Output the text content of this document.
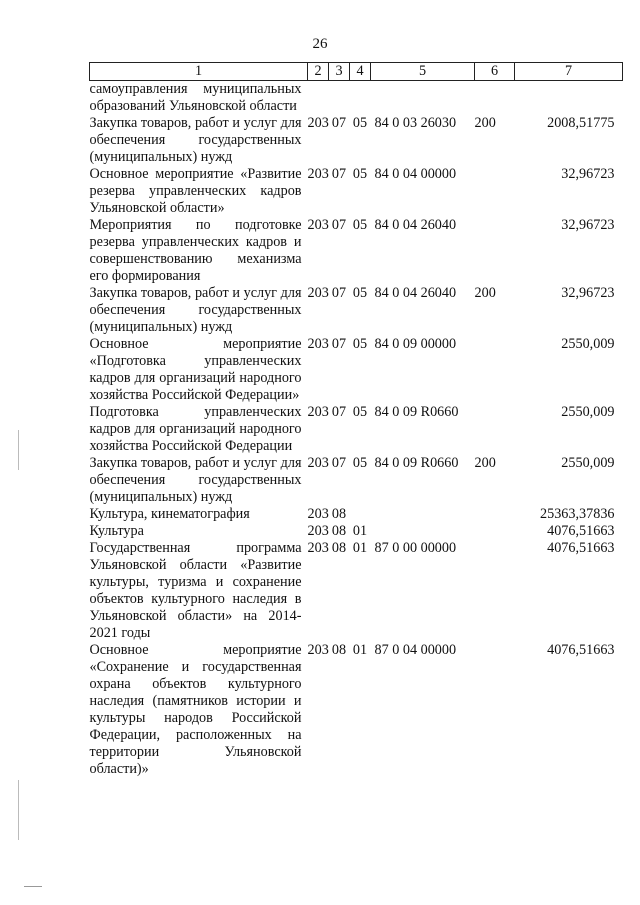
26
1	2	3	4	5	6	7
самоуправления муниципальных образований Ульяновской области						
Закупка товаров, работ и услуг для обеспечения государственных (муниципальных) нужд	203	07	05	84 0 03 26030	200	2008,51775
Основное мероприятие «Развитие резерва управленческих кадров Ульяновской области»	203	07	05	84 0 04 00000		32,96723
Мероприятия по подготовке резерва управленческих кадров и совершенствованию механизма его формирования	203	07	05	84 0 04 26040		32,96723
Закупка товаров, работ и услуг для обеспечения государственных (муниципальных) нужд	203	07	05	84 0 04 26040	200	32,96723
Основное мероприятие «Подготовка управленческих кадров для организаций народного хозяйства Российской Федерации»	203	07	05	84 0 09 00000		2550,009
Подготовка управленческих кадров для организаций народного хозяйства Российской Федерации	203	07	05	84 0 09 R0660		2550,009
Закупка товаров, работ и услуг для обеспечения государственных (муниципальных) нужд	203	07	05	84 0 09 R0660	200	2550,009
Культура, кинематография	203	08				25363,37836
Культура	203	08	01			4076,51663
Государственная программа Ульяновской области «Развитие культуры, туризма и сохранение объектов культурного наследия в Ульяновской области» на 2014-2021 годы	203	08	01	87 0 00 00000		4076,51663
Основное мероприятие «Сохранение и государственная охрана объектов культурного наследия (памятников истории и культуры народов Российской Федерации, расположенных на территории Ульяновской области)»	203	08	01	87 0 04 00000		4076,51663
